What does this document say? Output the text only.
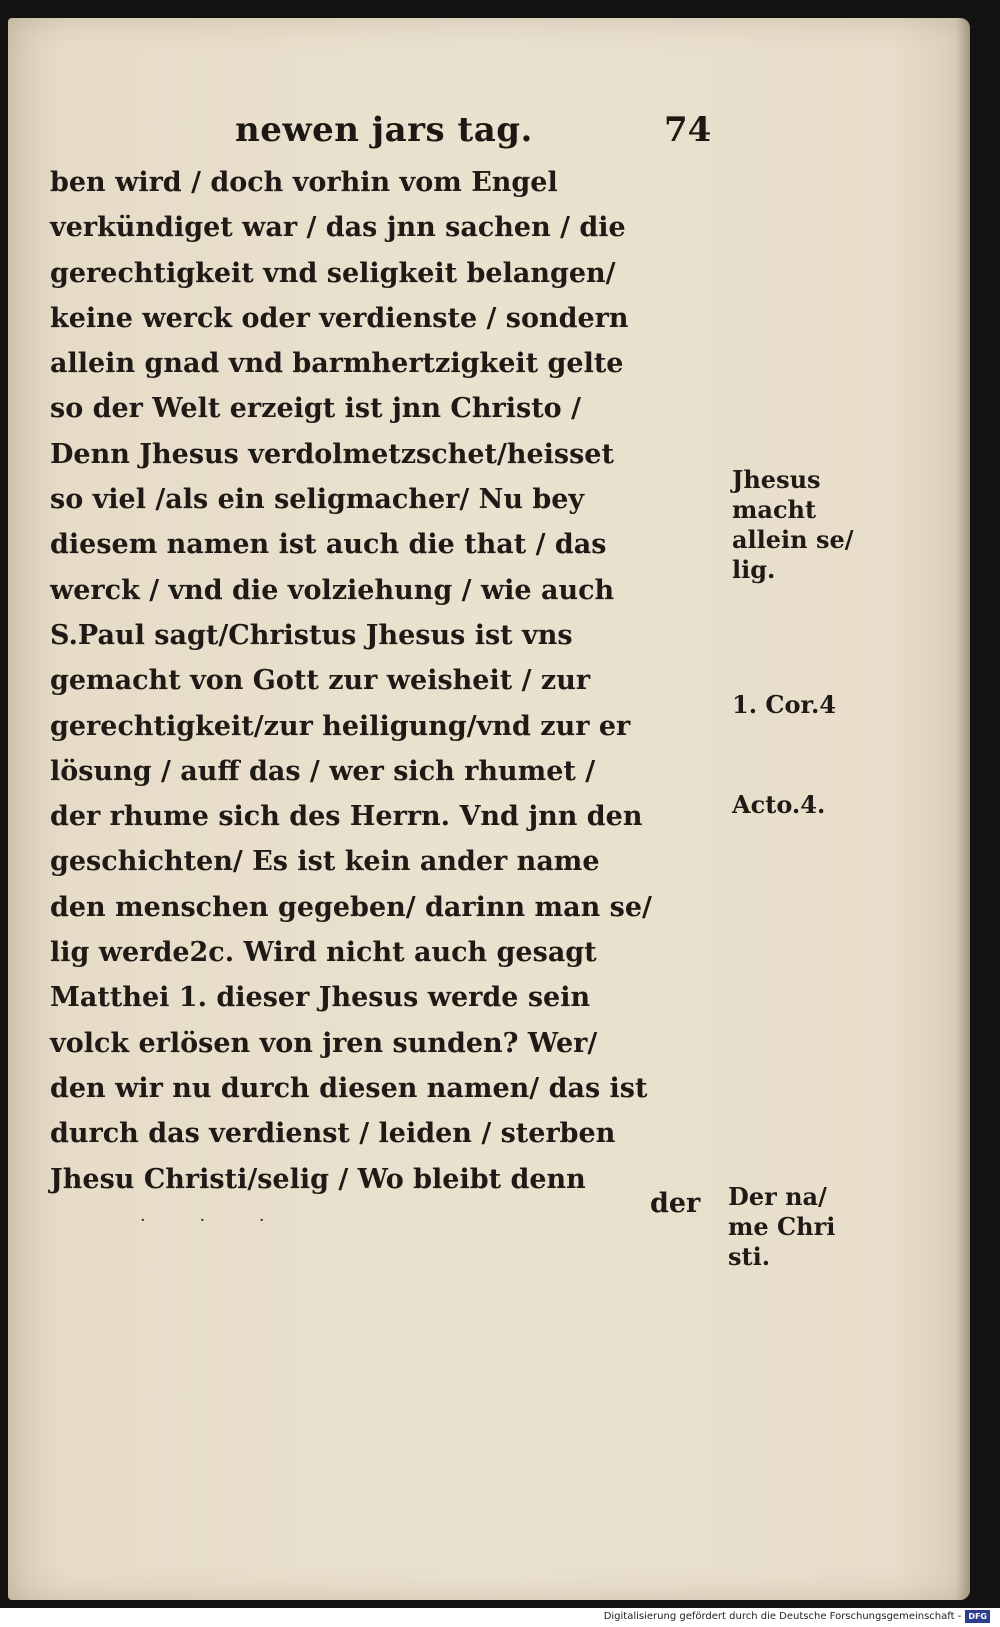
newen jars tag.	74
ben wird / doch vorhin vom Engel
verkündiget war / das jnn sachen / die
gerechtigkeit vnd seligkeit belangen/
keine werck oder verdienste / sondern
allein gnad vnd barmhertzigkeit gelte
so der Welt erzeigt ist jnn Christo /
Denn Jhesus verdolmetzschet/heisset
so viel /als ein seligmacher/ Nu bey
diesem namen ist auch die that / das
werck / vnd die volziehung / wie auch
S.Paul sagt/Christus Jhesus ist vns
gemacht von Gott zur weisheit / zur
gerechtigkeit/zur heiligung/vnd zur er
lösung / auff das / wer sich rhumet /
der rhume sich des Herrn. Vnd jnn den
geschichten/ Es ist kein ander name
den menschen gegeben/ darinn man se/
lig werde2c. Wird nicht auch gesagt
Matthei 1. dieser Jhesus werde sein
volck erlösen von jren sunden? Wer/
den wir nu durch diesen namen/ das ist
durch das verdienst / leiden / sterben
Jhesu Christi/selig / Wo bleibt denn
der
· · ·
Jhesus
macht
allein se/
lig.
1. Cor.4
Acto.4.
Der na/
me Chri
sti.
Digitalisierung gefördert durch die Deutsche Forschungsgemeinschaft - DFG
